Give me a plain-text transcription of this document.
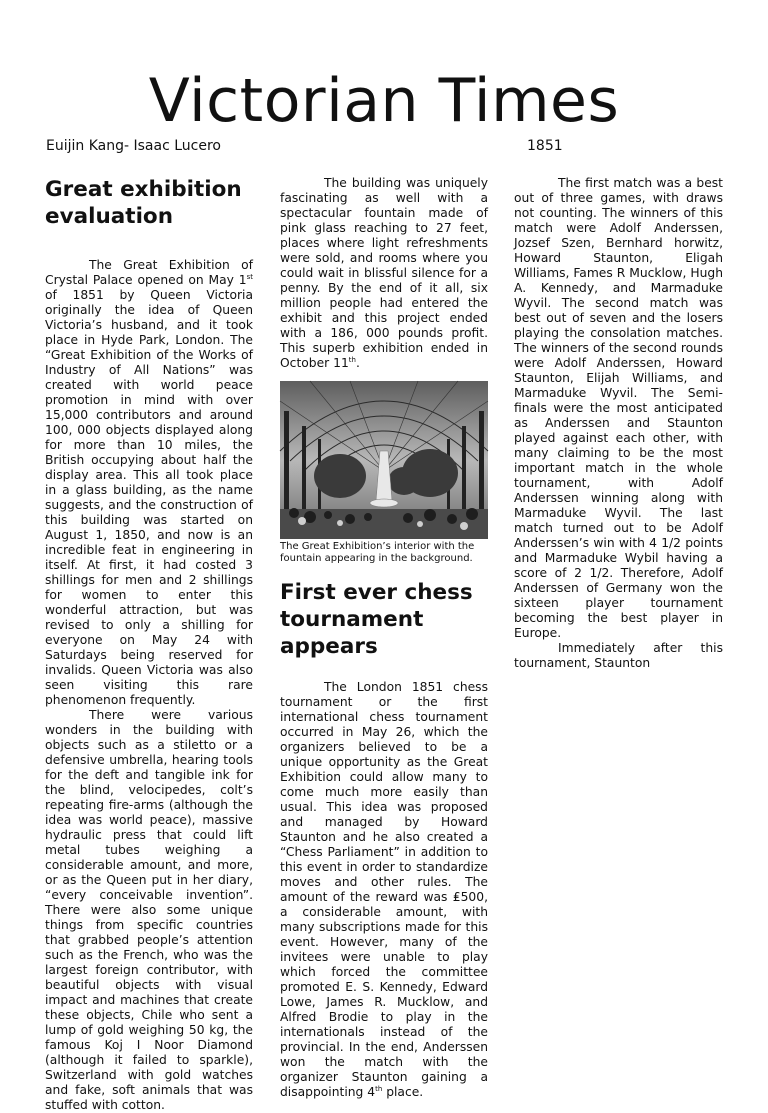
Victorian Times
Euijin Kang- Isaac Lucero	1851
Great exhibition evaluation

The Great Exhibition of Crystal Palace opened on May 1st of 1851 by Queen Victoria originally the idea of Queen Victoria’s husband, and it took place in Hyde Park, London. The “Great Exhibition of the Works of Industry of All Nations” was created with world peace promotion in mind with over 15,000 contributors and around 100, 000 objects displayed along for more than 10 miles, the British occupying about half the display area. This all took place in a glass building, as the name suggests, and the construction of this building was started on August 1, 1850, and now is an incredible feat in engineering in itself. At first, it had costed 3 shillings for men and 2 shillings for women to enter this wonderful attraction, but was revised to only a shilling for everyone on May 24 with Saturdays being reserved for invalids. Queen Victoria was also seen visiting this rare phenomenon frequently.

There were various wonders in the building with objects such as a stiletto or a defensive umbrella, hearing tools for the deft and tangible ink for the blind, velocipedes, colt’s repeating fire-arms (although the idea was world peace), massive hydraulic press that could lift metal tubes weighing a considerable amount, and more, or as the Queen put in her diary, “every conceivable invention”. There were also some unique things from specific countries that grabbed people’s attention such as the French, who was the largest foreign contributor, with beautiful objects with visual impact and machines that create these objects, Chile who sent a lump of gold weighing 50 kg, the famous Koj I Noor Diamond (although it failed to sparkle), Switzerland with gold watches and fake, soft animals that was stuffed with cotton.

The building was uniquely fascinating as well with a spectacular fountain made of pink glass reaching to 27 feet, places where light refreshments were sold, and rooms where you could wait in blissful silence for a penny. By the end of it all, six million people had entered the exhibit and this project ended with a 186, 000 pounds profit. This superb exhibition ended in October 11th.

The Great Exhibition’s interior with the fountain appearing in the background.
First ever chess tournament appears

The London 1851 chess tournament or the first international chess tournament occurred in May 26, which the organizers believed to be a unique opportunity as the Great Exhibition could allow many to come much more easily than usual. This idea was proposed and managed by Howard Staunton and he also created a “Chess Parliament” in addition to this event in order to standardize moves and other rules. The amount of the reward was ₤500, a considerable amount, with many subscriptions made for this event. However, many of the invitees were unable to play which forced the committee promoted E. S. Kennedy, Edward Lowe, James R. Mucklow, and Alfred Brodie to play in the internationals instead of the provincial. In the end, Anderssen won the match with the organizer Staunton gaining a disappointing 4th place.

The first match was a best out of three games, with draws not counting. The winners of this match were Adolf Anderssen, Jozsef Szen, Bernhard horwitz, Howard Staunton, Eligah Williams, Fames R Mucklow, Hugh A. Kennedy, and Marmaduke Wyvil. The second match was best out of seven and the losers playing the consolation matches. The winners of the second rounds were Adolf Anderssen, Howard Staunton, Elijah Williams, and Marmaduke Wyvil. The Semi-finals were the most anticipated as Anderssen and Staunton played against each other, with many claiming to be the most important match in the whole tournament, with Adolf Anderssen winning along with Marmaduke Wyvil. The last match turned out to be Adolf Anderssen’s win with 4 1/2 points and Marmaduke Wybil having a score of 2 1/2. Therefore, Adolf Anderssen of Germany won the sixteen player tournament becoming the best player in Europe.

Immediately after this tournament, Staunton
